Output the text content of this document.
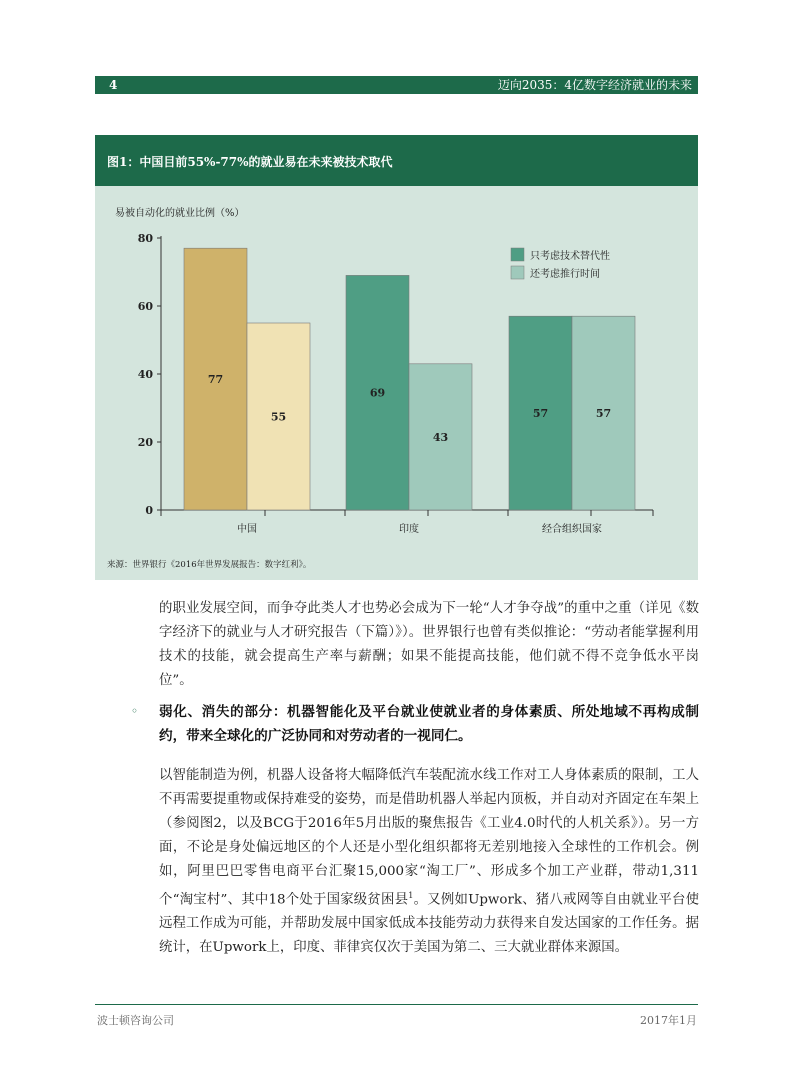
4	迈向2035：4亿数字经济就业的未来
图1：中国目前55%-77%的就业易在未来被技术取代
易被自动化的就业比例（%）
0
20
40
60
80
77
55
中国
69
43
印度
57	57
经合组织国家
只考虑技术替代性
还考虑推行时间
来源：世界银行《2016年世界发展报告：数字红利》。
的职业发展空间，而争夺此类人才也势必会成为下一轮“人才争夺战”的重中之重（详见《数字经济下的就业与人才研究报告（下篇）》）。世界银行也曾有类似推论：“劳动者能掌握利用技术的技能，就会提高生产率与薪酬；如果不能提高技能，他们就不得不竞争低水平岗位”。
◦ 弱化、消失的部分：机器智能化及平台就业使就业者的身体素质、所处地域不再构成制约，带来全球化的广泛协同和对劳动者的一视同仁。
以智能制造为例，机器人设备将大幅降低汽车装配流水线工作对工人身体素质的限制，工人不再需要提重物或保持难受的姿势，而是借助机器人举起内顶板，并自动对齐固定在车架上（参阅图2，以及BCG于2016年5月出版的聚焦报告《工业4.0时代的人机关系》）。另一方面，不论是身处偏远地区的个人还是小型化组织都将无差别地接入全球性的工作机会。例如，阿里巴巴零售电商平台汇聚15,000家“淘工厂”、形成多个加工产业群，带动1,311个“淘宝村”、其中18个处于国家级贫困县$^1$。又例如Upwork、猪八戒网等自由就业平台使远程工作成为可能，并帮助发展中国家低成本技能劳动力获得来自发达国家的工作任务。据统计，在Upwork上，印度、菲律宾仅次于美国为第二、三大就业群体来源国。
波士顿咨询公司	2017年1月
